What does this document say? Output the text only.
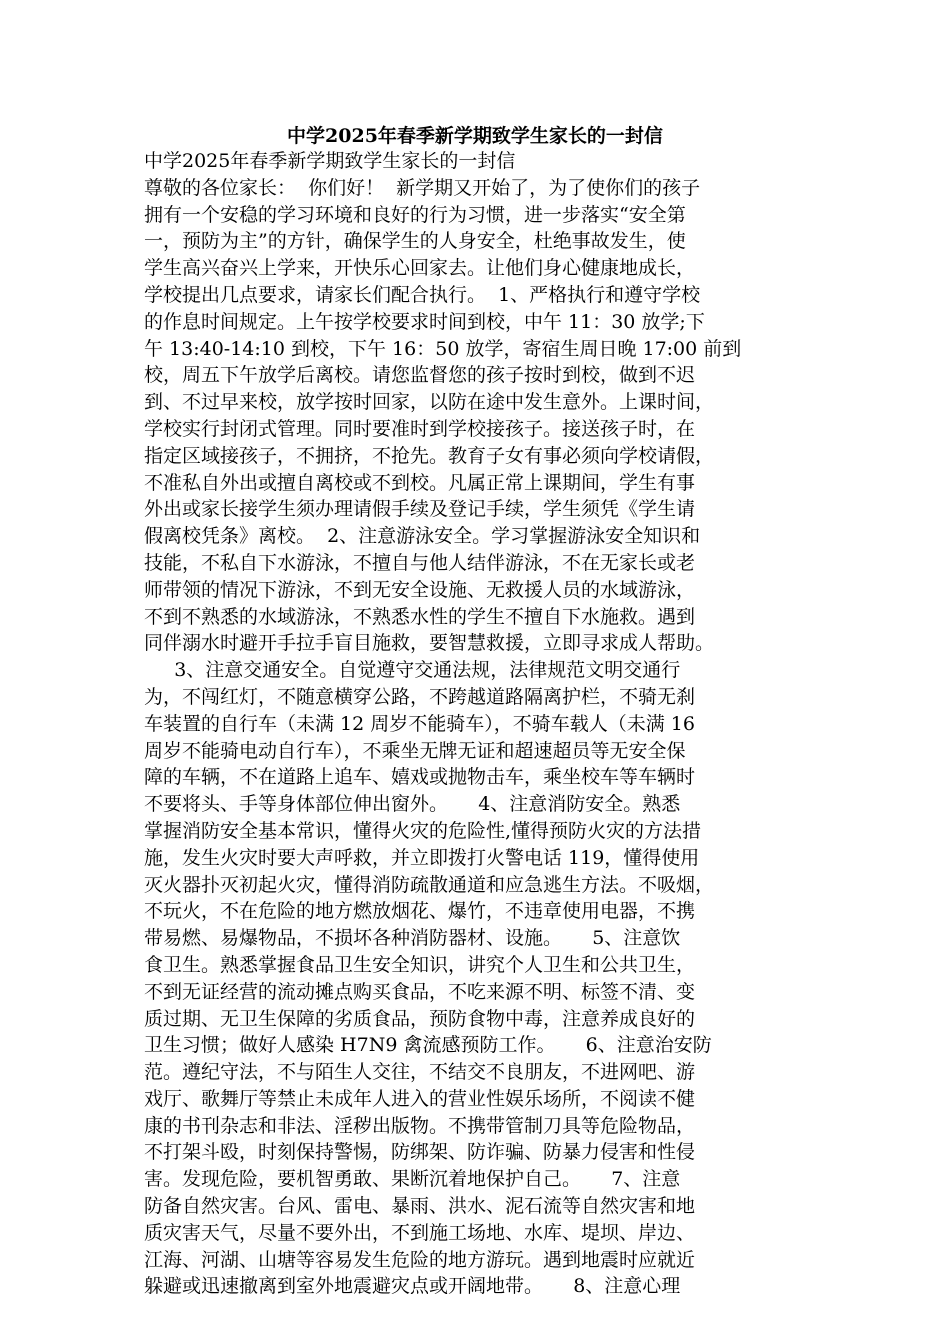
中学2025年春季新学期致学生家长的一封信
中学2025年春季新学期致学生家长的一封信
尊敬的各位家长：  你们好！  新学期又开始了，为了使你们的孩子
拥有一个安稳的学习环境和良好的行为习惯，进一步落实“安全第
一，预防为主”的方针，确保学生的人身安全，杜绝事故发生，使
学生高兴奋兴上学来，开快乐心回家去。让他们身心健康地成长，
学校提出几点要求，请家长们配合执行。  1、严格执行和遵守学校
的作息时间规定。上午按学校要求时间到校，中午 11：30 放学;下
午 13:40-14:10 到校，下午 16：50 放学，寄宿生周日晚 17:00 前到
校，周五下午放学后离校。请您监督您的孩子按时到校，做到不迟
到、不过早来校，放学按时回家，以防在途中发生意外。上课时间，
学校实行封闭式管理。同时要准时到学校接孩子。接送孩子时，在
指定区域接孩子，不拥挤，不抢先。教育子女有事必须向学校请假，
不准私自外出或擅自离校或不到校。凡属正常上课期间，学生有事
外出或家长接学生须办理请假手续及登记手续，学生须凭《学生请
假离校凭条》离校。  2、注意游泳安全。学习掌握游泳安全知识和
技能，不私自下水游泳，不擅自与他人结伴游泳，不在无家长或老
师带领的情况下游泳，不到无安全设施、无救援人员的水域游泳，
不到不熟悉的水域游泳，不熟悉水性的学生不擅自下水施救。遇到
同伴溺水时避开手拉手盲目施救，要智慧救援，立即寻求成人帮助。
3、注意交通安全。自觉遵守交通法规，法律规范文明交通行
为，不闯红灯，不随意横穿公路，不跨越道路隔离护栏，不骑无刹
车装置的自行车（未满 12 周岁不能骑车），不骑车载人（未满 16
周岁不能骑电动自行车），不乘坐无牌无证和超速超员等无安全保
障的车辆，不在道路上追车、嬉戏或抛物击车，乘坐校车等车辆时
不要将头、手等身体部位伸出窗外。     4、注意消防安全。熟悉
掌握消防安全基本常识，懂得火灾的危险性,懂得预防火灾的方法措
施，发生火灾时要大声呼救，并立即拨打火警电话 119，懂得使用
灭火器扑灭初起火灾，懂得消防疏散通道和应急逃生方法。不吸烟，
不玩火，不在危险的地方燃放烟花、爆竹，不违章使用电器，不携
带易燃、易爆物品，不损坏各种消防器材、设施。     5、注意饮
食卫生。熟悉掌握食品卫生安全知识，讲究个人卫生和公共卫生，
不到无证经营的流动摊点购买食品，不吃来源不明、标签不清、变
质过期、无卫生保障的劣质食品，预防食物中毒，注意养成良好的
卫生习惯；做好人感染 H7N9 禽流感预防工作。     6、注意治安防
范。遵纪守法，不与陌生人交往，不结交不良朋友，不进网吧、游
戏厅、歌舞厅等禁止未成年人进入的营业性娱乐场所，不阅读不健
康的书刊杂志和非法、淫秽出版物。不携带管制刀具等危险物品，
不打架斗殴，时刻保持警惕，防绑架、防诈骗、防暴力侵害和性侵
害。发现危险，要机智勇敢、果断沉着地保护自己。     7、注意
防备自然灾害。台风、雷电、暴雨、洪水、泥石流等自然灾害和地
质灾害天气，尽量不要外出，不到施工场地、水库、堤坝、岸边、
江海、河湖、山塘等容易发生危险的地方游玩。遇到地震时应就近
躲避或迅速撤离到室外地震避灾点或开阔地带。     8、注意心理
